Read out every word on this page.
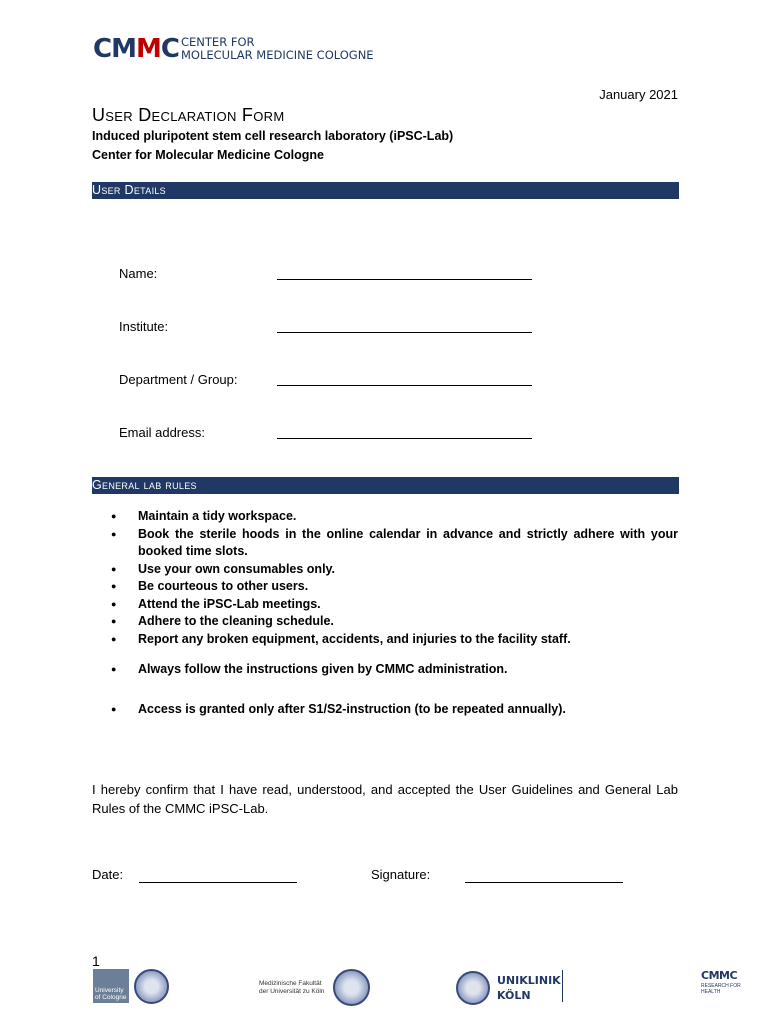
CMMC CENTER FOR
MOLECULAR MEDICINE COLOGNE
January 2021
User Declaration Form
Induced pluripotent stem cell research laboratory (iPSC-Lab)
Center for Molecular Medicine Cologne
User Details
Name:
Institute:
Department / Group:
Email address:
General lab rules
● Maintain a tidy workspace.
● Book the sterile hoods in the online calendar in advance and strictly adhere with your booked time slots.
● Use your own consumables only.
● Be courteous to other users.
● Attend the iPSC-Lab meetings.
● Adhere to the cleaning schedule.
● Report any broken equipment, accidents, and injuries to the facility staff.
● Always follow the instructions given by CMMC administration.
● Access is granted only after S1/S2-instruction (to be repeated annually).
I hereby confirm that I have read, understood, and accepted the User Guidelines and General Lab Rules of the CMMC iPSC-Lab.
Date:	Signature:
1
University of Cologne
Medizinische Fakultät
der Universität zu Köln
UNIKLINIK
KÖLN
CMMC
RESEARCH FOR HEALTH
